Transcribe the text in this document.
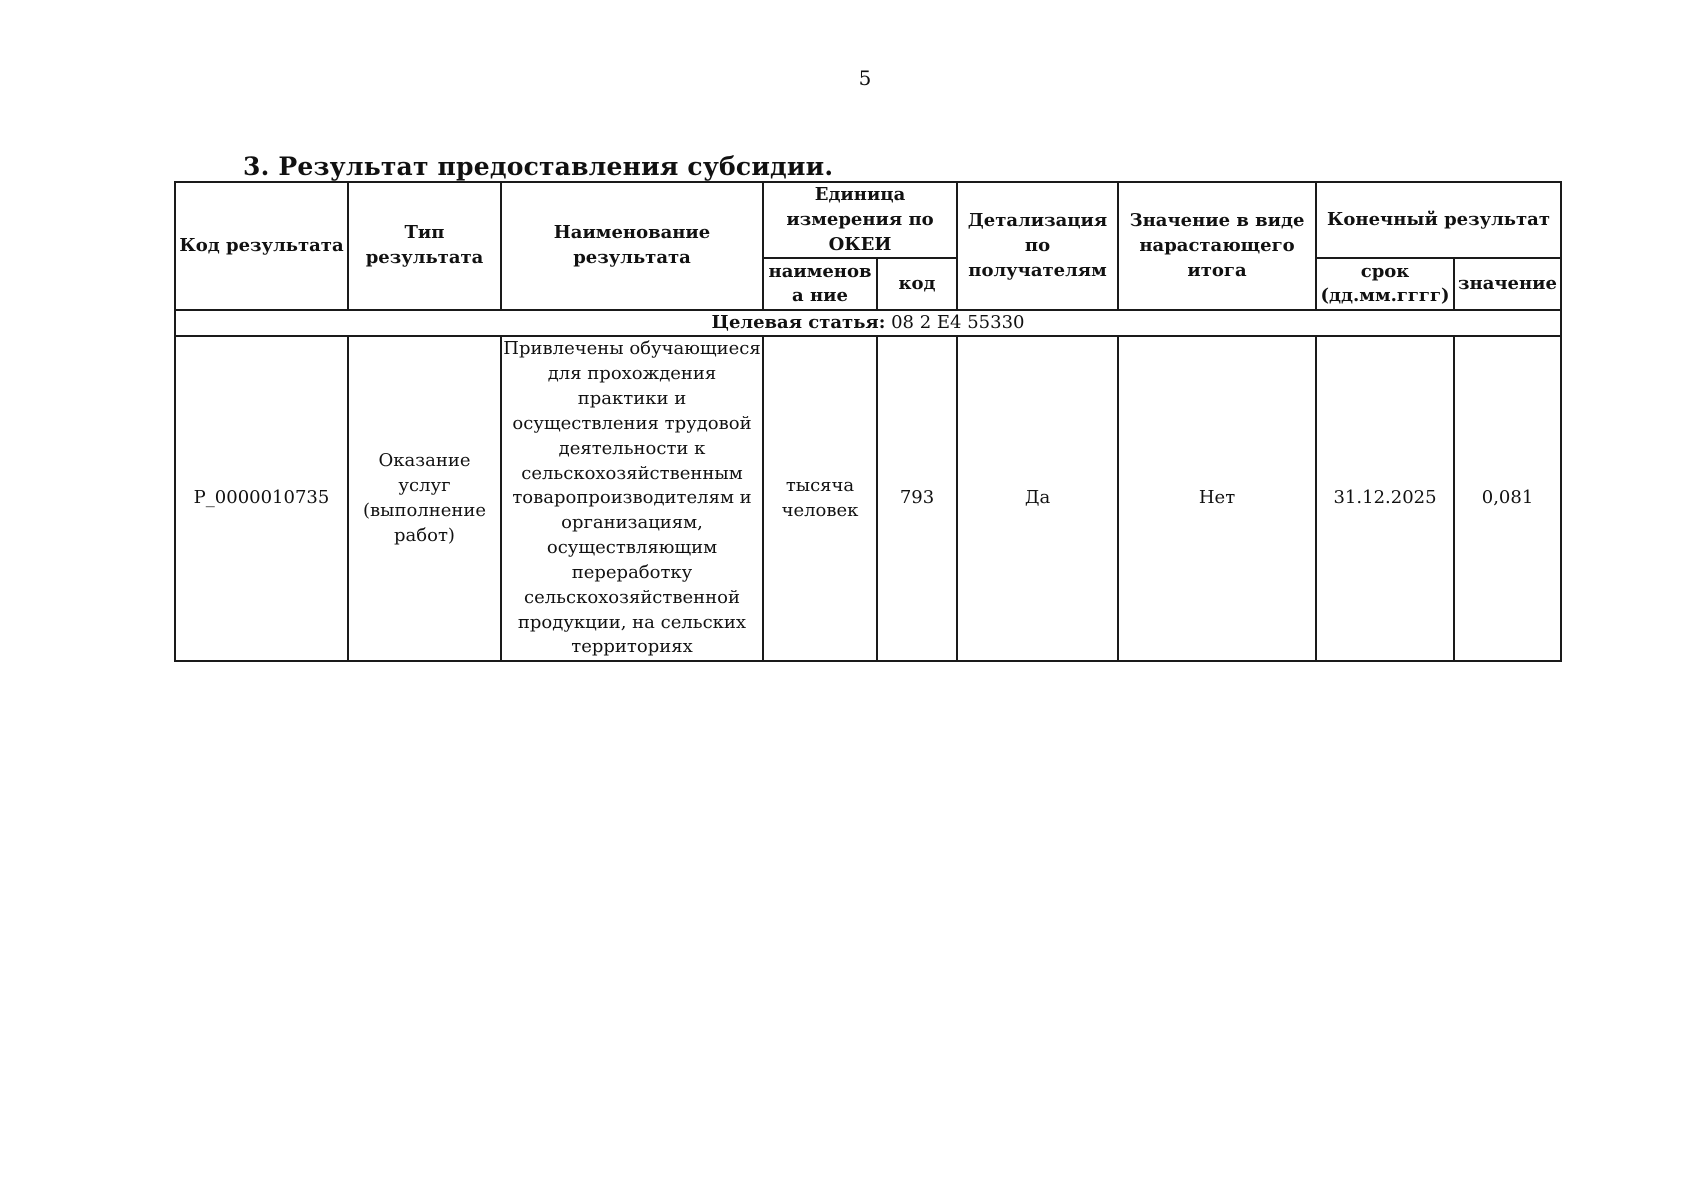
5
3. Результат предоставления субсидии.
Код результата	Тип результата	Наименование результата	Единица измерения по ОКЕИ		Детализация по получателям	Значение в виде нарастающего итога	Конечный результат	
			наименова ние	код			срок (дд.мм.гггг)	значение
Целевая статья: 08 2 Е4 55330								
Р_0000010735	Оказание услуг (выполнение работ)	Привлечены обучающиеся для прохождения практики и осуществления трудовой деятельности к сельскохозяйственным товаропроизводителям и организациям, осуществляющим переработку сельскохозяйственной продукции, на сельских территориях	тысяча человек	793	Да	Нет	31.12.2025	0,081
